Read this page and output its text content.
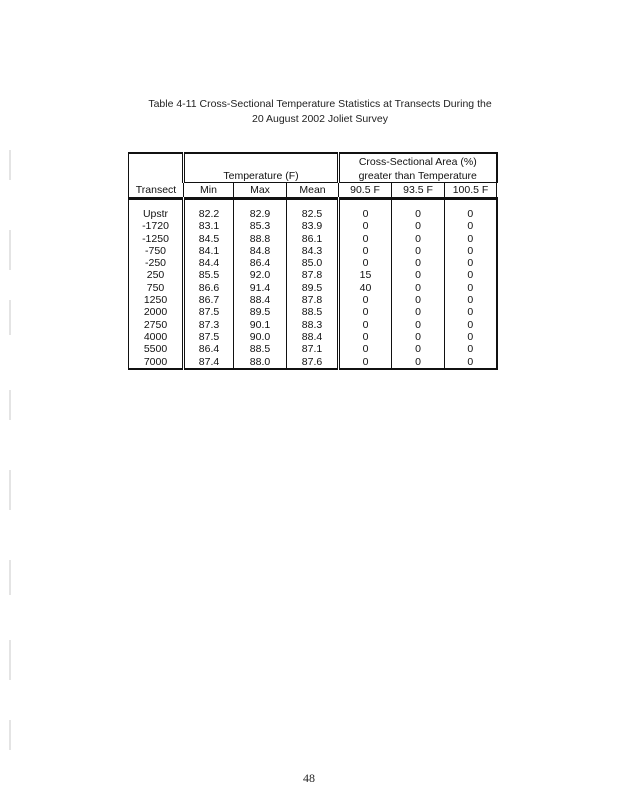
Table 4-11 Cross-Sectional Temperature Statistics at Transects During the
20 August 2002 Joliet Survey
				Cross-Sectional Area (%)		
	Temperature (F)			greater than Temperature		
Transect	Min	Max	Mean	90.5 F	93.5 F	100.5 F
Upstr	82.2	82.9	82.5	0	0	0
-1720	83.1	85.3	83.9	0	0	0
-1250	84.5	88.8	86.1	0	0	0
-750	84.1	84.8	84.3	0	0	0
-250	84.4	86.4	85.0	0	0	0
250	85.5	92.0	87.8	15	0	0
750	86.6	91.4	89.5	40	0	0
1250	86.7	88.4	87.8	0	0	0
2000	87.5	89.5	88.5	0	0	0
2750	87.3	90.1	88.3	0	0	0
4000	87.5	90.0	88.4	0	0	0
5500	86.4	88.5	87.1	0	0	0
7000	87.4	88.0	87.6	0	0	0
48
